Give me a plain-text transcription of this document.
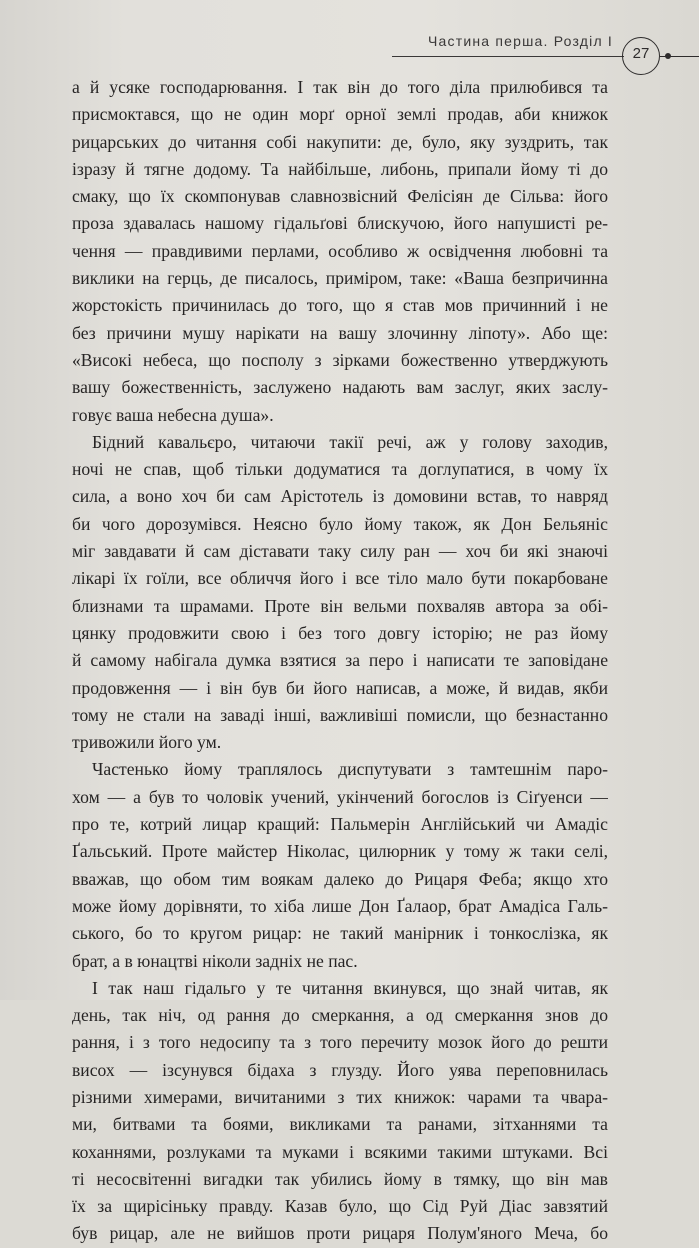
Частина перша. Розділ I
27
а й усяке господарювання. І так він до того діла прилюбився та
присмоктався, що не один морґ орної землі продав, аби книжок
рицарських до читання собі накупити: де, було, яку зуздрить, так
ізразу й тягне додому. Та найбільше, либонь, припали йому ті до
смаку, що їх скомпонував славнозвісний Фелісіян де Сільва: його
проза здавалась нашому гідальґові блискучою, його напушисті ре-
чення — правдивими перлами, особливо ж освідчення любовні та
виклики на герць, де писалось, приміром, таке: «Ваша безпричинна
жорстокість причинилась до того, що я став мов причинний і не
без причини мушу нарікати на вашу злочинну ліпоту». Або ще:
«Високі небеса, що посполу з зірками божественно утверджують
вашу божественність, заслужено надають вам заслуг, яких заслу-
говує ваша небесна душа».
Бідний кавальєро, читаючи такії речі, аж у голову заходив,
ночі не спав, щоб тільки додуматися та доглупатися, в чому їх
сила, а воно хоч би сам Арістотель із домовини встав, то навряд
би чого дорозумівся. Неясно було йому також, як Дон Бельяніс
міг завдавати й сам діставати таку силу ран — хоч би які знаючі
лікарі їх гоїли, все обличчя його і все тіло мало бути покарбоване
близнами та шрамами. Проте він вельми похваляв автора за обі-
цянку продовжити свою і без того довгу історію; не раз йому
й самому набігала думка взятися за перо і написати те заповідане
продовження — і він був би його написав, а може, й видав, якби
тому не стали на заваді інші, важливіші помисли, що безнастанно
тривожили його ум.
Частенько йому траплялось диспутувати з тамтешнім паро-
хом — а був то чоловік учений, укінчений богослов із Сіґуенси —
про те, котрий лицар кращий: Пальмерін Англійський чи Амадіс
Ґальський. Проте майстер Ніколас, цилюрник у тому ж таки селі,
вважав, що обом тим воякам далеко до Рицаря Феба; якщо хто
може йому дорівняти, то хіба лише Дон Ґалаор, брат Амадіса Галь-
ського, бо то кругом рицар: не такий манірник і тонкослізка, як
брат, а в юнацтві ніколи задніх не пас.
І так наш гідальго у те читання вкинувся, що знай читав, як
день, так ніч, од рання до смеркання, а од смеркання знов до
рання, і з того недосипу та з того перечиту мозок його до решти
висох — ізсунувся бідаха з глузду. Його уява переповнилась
різними химерами, вичитаними з тих книжок: чарами та чвара-
ми, битвами та боями, викликами та ранами, зітханнями та
коханнями, розлуками та муками і всякими такими штуками. Всі
ті несосвітенні вигадки так убились йому в тямку, що він мав
їх за щирісіньку правду. Казав було, що Сід Руй Діас завзятий
був рицар, але не вийшов проти рицаря Полум'яного Меча, бо
